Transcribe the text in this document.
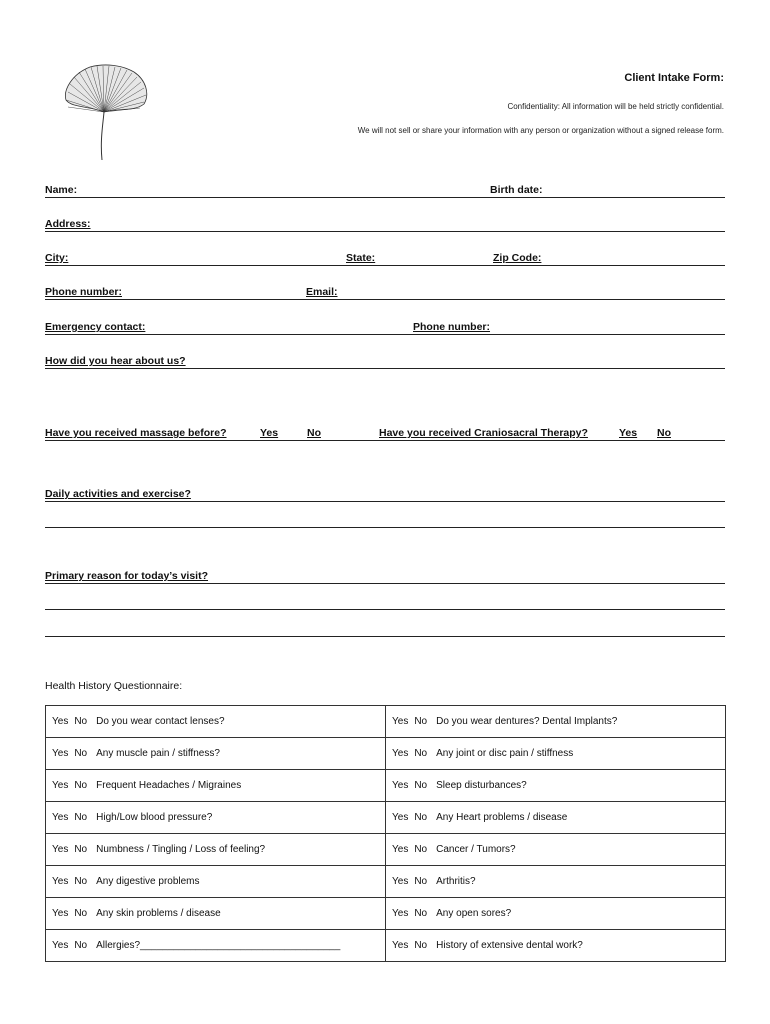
Client Intake Form:
Confidentiality: All information will be held strictly confidential.
We will not sell or share your information with any person or organization without a signed release form.
Name:	Birth date:
Address:
City:	State:	Zip Code:
Phone number:	Email:
Emergency contact:	Phone number:
How did you hear about us?
Have you received massage before?	Yes	No	Have you received Craniosacral Therapy?	Yes No
Daily activities and exercise?
Primary reason for today’s visit?
Health History Questionnaire:
Yes No Do you wear contact lenses?	Yes No Do you wear dentures? Dental Implants?
Yes No Any muscle pain / stiffness?	Yes No Any joint or disc pain / stiffness
Yes No Frequent Headaches / Migraines	Yes No Sleep disturbances?
Yes No High/Low blood pressure?	Yes No Any Heart problems / disease
Yes No Numbness / Tingling / Loss of feeling?	Yes No Cancer / Tumors?
Yes No Any digestive problems	Yes No Arthritis?
Yes No Any skin problems / disease	Yes No Any open sores?
Yes No Allergies?____________________________________	Yes No History of extensive dental work?
